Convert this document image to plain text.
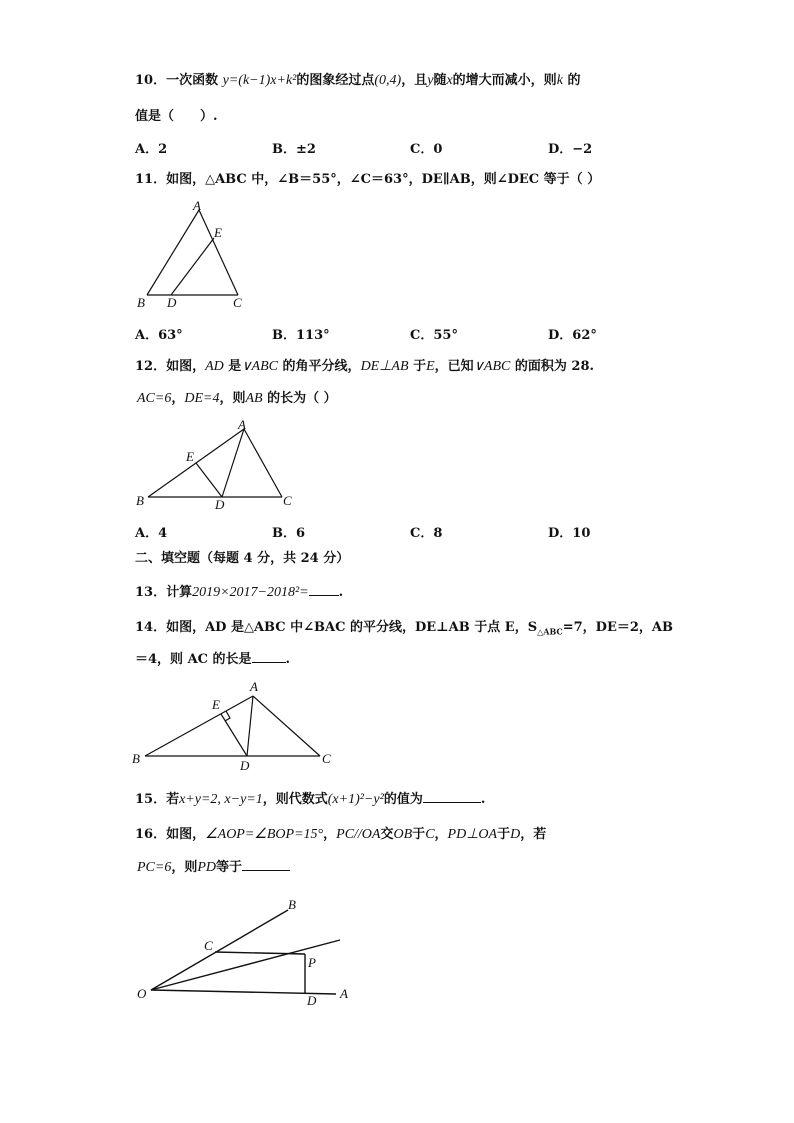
10．一次函数 y=(k−1)x+k²的图象经过点(0,4)，且y随x的增大而减小，则k 的
值是（　　）.
A．2	B．±2	C．0	D．−2
11．如图，△ABC 中，∠B＝55°，∠C＝63°，DE∥AB，则∠DEC 等于（ ）
A
E
B D	C
A．63°	B．113°	C．55°	D．62°
12．如图，AD 是∨ABC 的角平分线，DE⊥AB 于E，已知∨ABC 的面积为 28.
AC=6，DE=4，则AB 的长为（ ）
A
E
B	D	C
A．4	B．6	C．8	D．10
二、填空题（每题 4 分，共 24 分）
13．计算2019×2017−2018²= .
14．如图，AD 是△ABC 中∠BAC 的平分线，DE⊥AB 于点 E，$S_{\triangle ABC}=7$，DE＝2，AB
＝4，则 AC 的长是	.
A
E
B	D	C
15．若x+y=2, x−y=1，则代数式(x+1)²−y²的值为	.
16．如图，∠AOP=∠BOP=15°，PC//OA交OB于C，PD⊥OA于D，若
PC=6，则PD等于
B
C
P
O	D A
